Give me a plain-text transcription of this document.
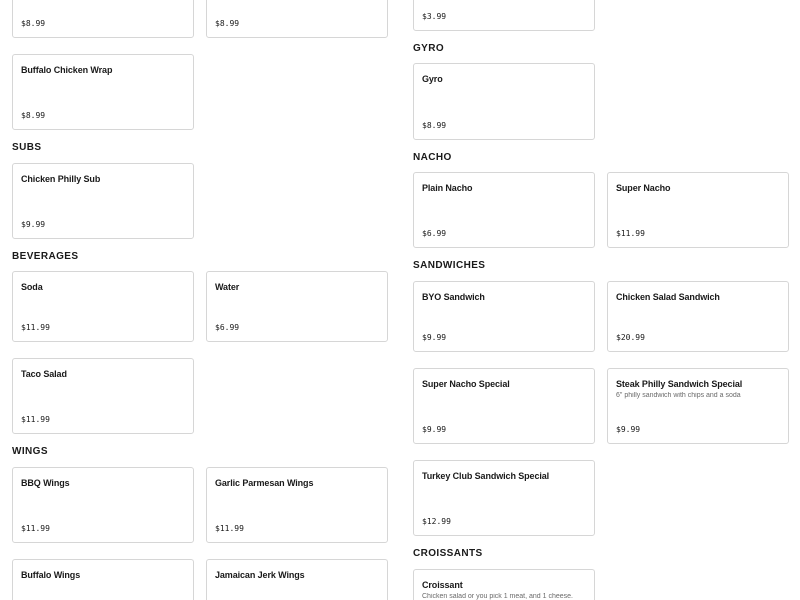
$8.99	$8.99
Buffalo Chicken Wrap
$8.99
SUBS
Chicken Philly Sub
$9.99
BEVERAGES
Soda
$11.99
Water
$6.99
Taco Salad
$11.99
WINGS
BBQ Wings
$11.99
Garlic Parmesan Wings
$11.99
Buffalo Wings	Jamaican Jerk Wings
$3.99
GYRO
Gyro
$8.99
NACHO
Plain Nacho
$6.99
Super Nacho
$11.99
SANDWICHES
BYO Sandwich
$9.99
Chicken Salad Sandwich
$20.99
Super Nacho Special
$9.99
Steak Philly Sandwich Special
6" philly sandwich with chips and a soda
$9.99
Turkey Club Sandwich Special
$12.99
CROISSANTS
Croissant
Chicken salad or you pick 1 meat, and 1 cheese.
